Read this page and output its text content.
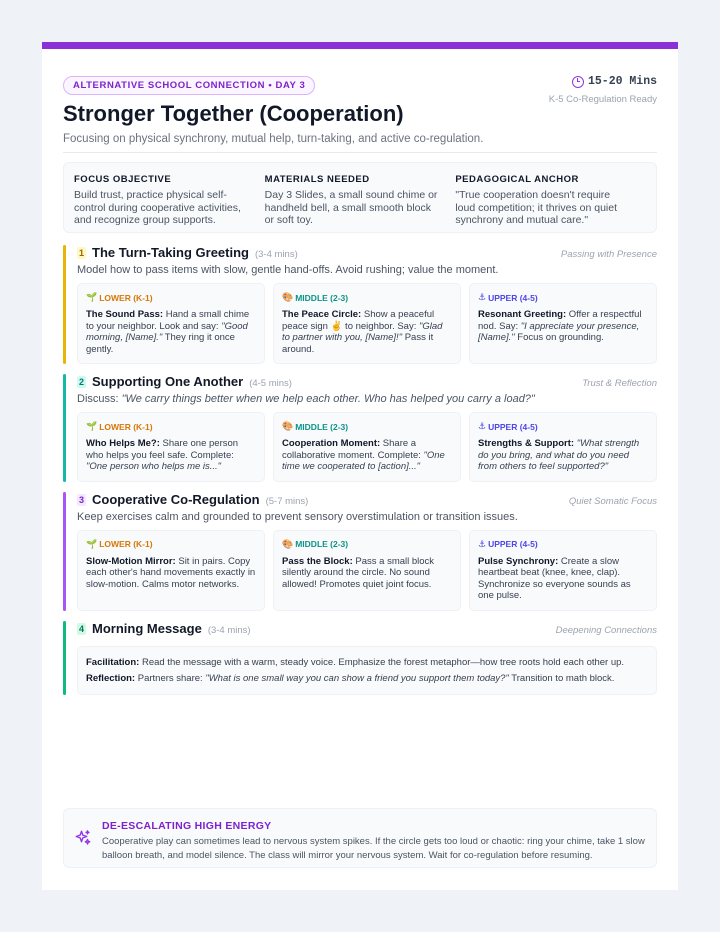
ALTERNATIVE SCHOOL CONNECTION • DAY 3
Stronger Together (Cooperation)
Focusing on physical synchrony, mutual help, turn-taking, and active co-regulation.
15-20 Mins
K-5 Co-Regulation Ready
FOCUS OBJECTIVE
Build trust, practice physical self-control during cooperative activities, and recognize group supports.
MATERIALS NEEDED
Day 3 Slides, a small sound chime or handheld bell, a small smooth block or soft toy.
PEDAGOGICAL ANCHOR
"True cooperation doesn't require loud competition; it thrives on quiet synchrony and mutual care."
1 The Turn-Taking Greeting (3-4 mins)	Passing with Presence
Model how to pass items with slow, gentle hand-offs. Avoid rushing; value the moment.
🌱 LOWER (K-1)
The Sound Pass: Hand a small chime to your neighbor. Look and say: "Good morning, [Name]." They ring it once gently.
🎨 MIDDLE (2-3)
The Peace Circle: Show a peaceful peace sign ✌️ to neighbor. Say: "Glad to partner with you, [Name]!" Pass it around.
⚓ UPPER (4-5)
Resonant Greeting: Offer a respectful nod. Say: "I appreciate your presence, [Name]." Focus on grounding.
2 Supporting One Another (4-5 mins)	Trust & Reflection
Discuss: "We carry things better when we help each other. Who has helped you carry a load?"
🌱 LOWER (K-1)
Who Helps Me?: Share one person who helps you feel safe. Complete: "One person who helps me is..."
🎨 MIDDLE (2-3)
Cooperation Moment: Share a collaborative moment. Complete: "One time we cooperated to [action]..."
⚓ UPPER (4-5)
Strengths & Support: "What strength do you bring, and what do you need from others to feel supported?"
3 Cooperative Co-Regulation (5-7 mins)	Quiet Somatic Focus
Keep exercises calm and grounded to prevent sensory overstimulation or transition issues.
🌱 LOWER (K-1)
Slow-Motion Mirror: Sit in pairs. Copy each other's hand movements exactly in slow-motion. Calms motor networks.
🎨 MIDDLE (2-3)
Pass the Block: Pass a small block silently around the circle. No sound allowed! Promotes quiet joint focus.
⚓ UPPER (4-5)
Pulse Synchrony: Create a slow heartbeat beat (knee, knee, clap). Synchronize so everyone sounds as one pulse.
4 Morning Message (3-4 mins)	Deepening Connections
Facilitation: Read the message with a warm, steady voice. Emphasize the forest metaphor—how tree roots hold each other up.
Reflection: Partners share: "What is one small way you can show a friend you support them today?" Transition to math block.
DE-ESCALATING HIGH ENERGY
Cooperative play can sometimes lead to nervous system spikes. If the circle gets too loud or chaotic: ring your chime, take 1 slow balloon breath, and model silence. The class will mirror your nervous system. Wait for co-regulation before resuming.
